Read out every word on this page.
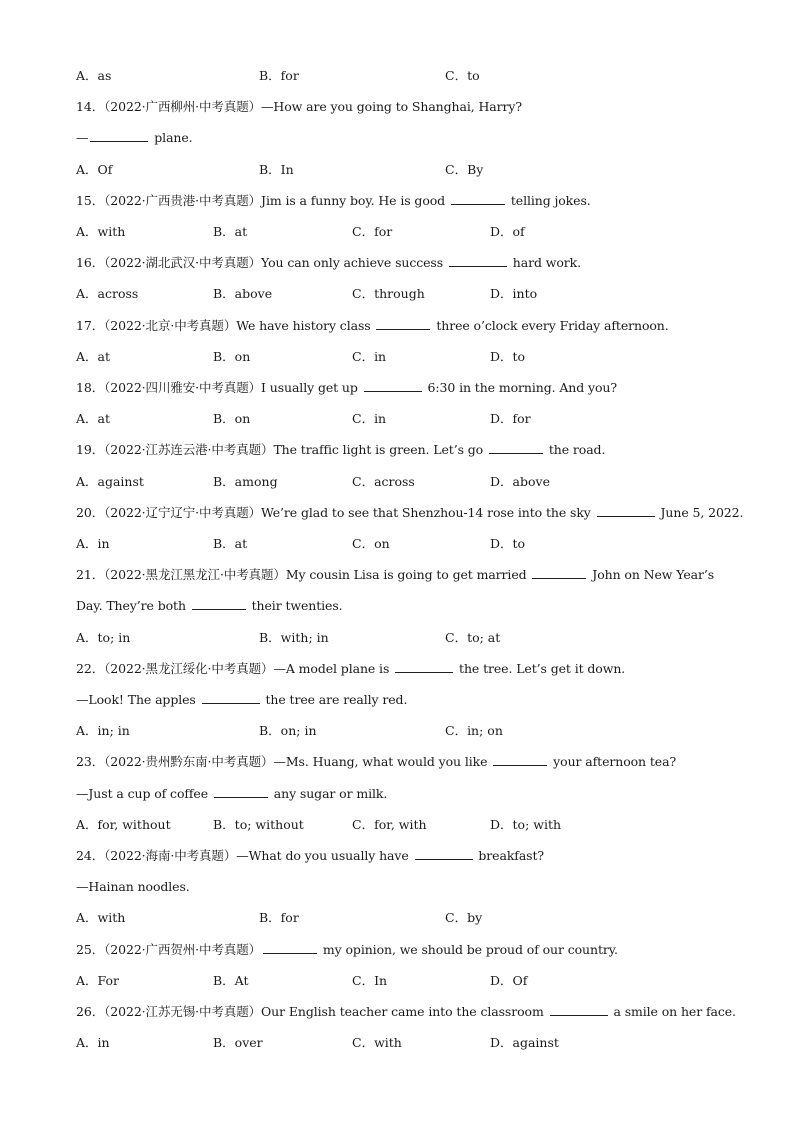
A．as	B．for	C．to
14．（2022·广西柳州·中考真题）—How are you going to Shanghai, Harry?
—	plane.
A．Of	B．In	C．By
15．（2022·广西贵港·中考真题）Jim is a funny boy. He is good	telling jokes.
A．with	B．at	C．for	D．of
16．（2022·湖北武汉·中考真题）You can only achieve success	hard work.
A．across	B．above	C．through	D．into
17．（2022·北京·中考真题）We have history class	three o’clock every Friday afternoon.
A．at	B．on	C．in	D．to
18．（2022·四川雅安·中考真题）I usually get up	6:30 in the morning. And you?
A．at	B．on	C．in	D．for
19．（2022·江苏连云港·中考真题）The traffic light is green. Let’s go	the road.
A．against	B．among	C．across	D．above
20．（2022·辽宁辽宁·中考真题）We’re glad to see that Shenzhou-14 rose into the sky	June 5, 2022.
A．in	B．at	C．on	D．to
21．（2022·黑龙江黑龙江·中考真题）My cousin Lisa is going to get married	John on New Year’s
Day. They’re both	their twenties.
A．to; in	B．with; in	C．to; at
22．（2022·黑龙江绥化·中考真题）—A model plane is	the tree. Let’s get it down.
—Look! The apples	the tree are really red.
A．in; in	B．on; in	C．in; on
23．（2022·贵州黔东南·中考真题）—Ms. Huang, what would you like	your afternoon tea?
—Just a cup of coffee	any sugar or milk.
A．for, without	B．to; without	C．for, with	D．to; with
24．（2022·海南·中考真题）—What do you usually have	breakfast?
—Hainan noodles.
A．with	B．for	C．by
25．（2022·广西贺州·中考真题）	my opinion, we should be proud of our country.
A．For	B．At	C．In	D．Of
26．（2022·江苏无锡·中考真题）Our English teacher came into the classroom	a smile on her face.
A．in	B．over	C．with	D．against
